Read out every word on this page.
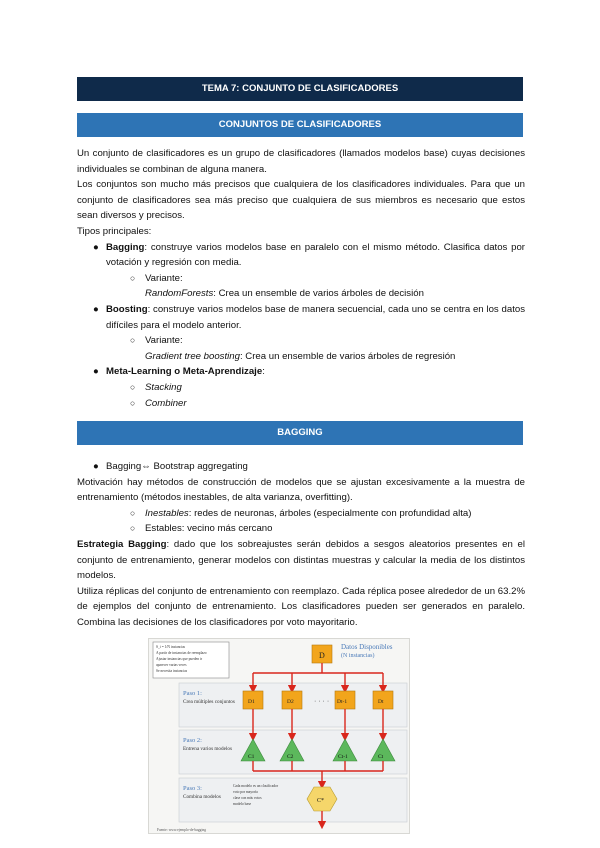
TEMA 7: CONJUNTO DE CLASIFICADORES
CONJUNTOS DE CLASIFICADORES
Un conjunto de clasificadores es un grupo de clasificadores (llamados modelos base) cuyas decisiones individuales se combinan de alguna manera.
Los conjuntos son mucho más precisos que cualquiera de los clasificadores individuales. Para que un conjunto de clasificadores sea más preciso que cualquiera de sus miembros es necesario que estos sean diversos y precisos.
Tipos principales:
● Bagging: construye varios modelos base en paralelo con el mismo método. Clasifica datos por votación y regresión con media.
○ Variante:
RandomForests: Crea un ensemble de varios árboles de decisión
● Boosting: construye varios modelos base de manera secuencial, cada uno se centra en los datos difíciles para el modelo anterior.
○ Variante:
Gradient tree boosting: Crea un ensemble de varios árboles de regresión
● Meta-Learning o Meta-Aprendizaje:
○ Stacking
○ Combiner
BAGGING
● Bagging⇔ Bootstrap aggregating
Motivación hay métodos de construcción de modelos que se ajustan excesivamente a la muestra de entrenamiento (métodos inestables, de alta varianza, overfitting).
○ Inestables: redes de neuronas, árboles (especialmente con profundidad alta)
○ Estables: vecino más cercano
Estrategia Bagging: dado que los sobreajustes serán debidos a sesgos aleatorios presentes en el conjunto de entrenamiento, generar modelos con distintas muestras y calcular la media de los distintos modelos.
Utiliza réplicas del conjunto de entrenamiento con reemplazo. Cada réplica posee alrededor de un 63.2% de ejemplos del conjunto de entrenamiento. Los clasificadores pueden ser generados en paralelo. Combina las decisiones de los clasificadores por voto mayoritario.
S_i = 1/N instancias
A partir de instancias de reemplazo
Ajustar instancias que pueden ir
aparecer varias veces
Se necesita instancias
Datos Disponibles
(N instancias)
D
Paso 1:
Crea múltiples conjuntos
Paso 2:
Entrena varios modelos
Paso 3:
Combina modelos
D1	D2	Dt-1	Dt
· · · ·
C1	C2	Ct-1	Ct
C*
Cada modelo es un clasificador
voto por mayoría
clase con más votos
modelo base
Fuente: www.ejemplo-de-bagging
